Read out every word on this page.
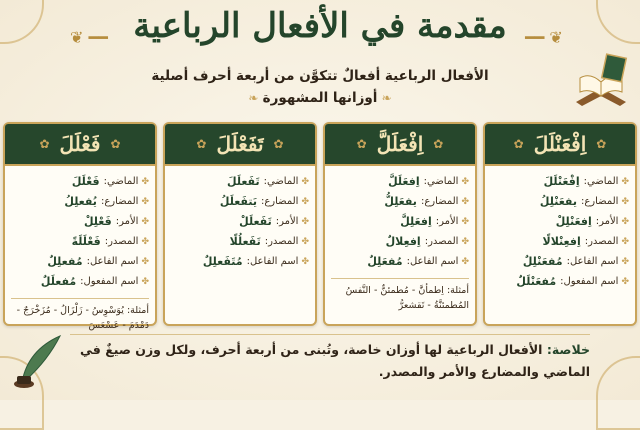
❦ ━━	━━ ❦
مقدمة في الأفعال الرباعية
الأفعال الرباعية أفعالٌ تتكوَّن من أربعة أحرف أصلية
❧ أوزانها المشهورة ❧
✿ اِفْعَنْلَلَ ✿
✤
الماضي:
اِفْعَنْلَلَ
✤
المضارع:
يفعَنْلِلُ
✤
الأمر:
اِفعَنْلِلْ
✤
المصدر:
اِفعِنْلالًا
✤
اسم الفاعل:
مُفعَنْلِلٌ
✤
اسم المفعول:
مُفعَنْلَلٌ
✿ اِفْعَلَلَّ ✿
✤
الماضي:
اِفعَلَلَّ
✤
المضارع:
يفعَلِلُّ
✤
الأمر:
اِفعَلِلَّ
✤
المصدر:
اِفعِلالٌ
✤
اسم الفاعل:
مُفعَلِلٌ
أمثلة: اِطمأنَّ - مُطمئنٌّ - النَّفسُ المُطمئنَّةُ - تَقشعرُّ
✿ تَفَعْلَلَ ✿
✤
الماضي:
تَفَعلَلَ
✤
المضارع:
يَتفَعلَلُ
✤
الأمر:
تَفَعلَلْ
✤
المصدر:
تَفَعلُلًا
✤
اسم الفاعل:
مُتَفَعلِلٌ
✿ فَعْلَلَ ✿
✤
الماضي:
فَعْلَلَ
✤
المضارع:
يُفعلِلُ
✤
الأمر:
فَعْلِلْ
✤
المصدر:
فَعْلَلَةً
✤
اسم الفاعل:
مُفعلِلٌ
✤
اسم المفعول:
مُفعلَلٌ
أمثلة: يُوَسْوِسُ - زَلْزَالُ - مُزَخْرَجٌ - دَمْدَمَ - عَسْعَسَ
خلاصة: الأفعال الرباعية لها أوزان خاصة، وتُبنى من أربعة أحرف، ولكل وزن صيغٌ في الماضي والمضارع والأمر والمصدر.
